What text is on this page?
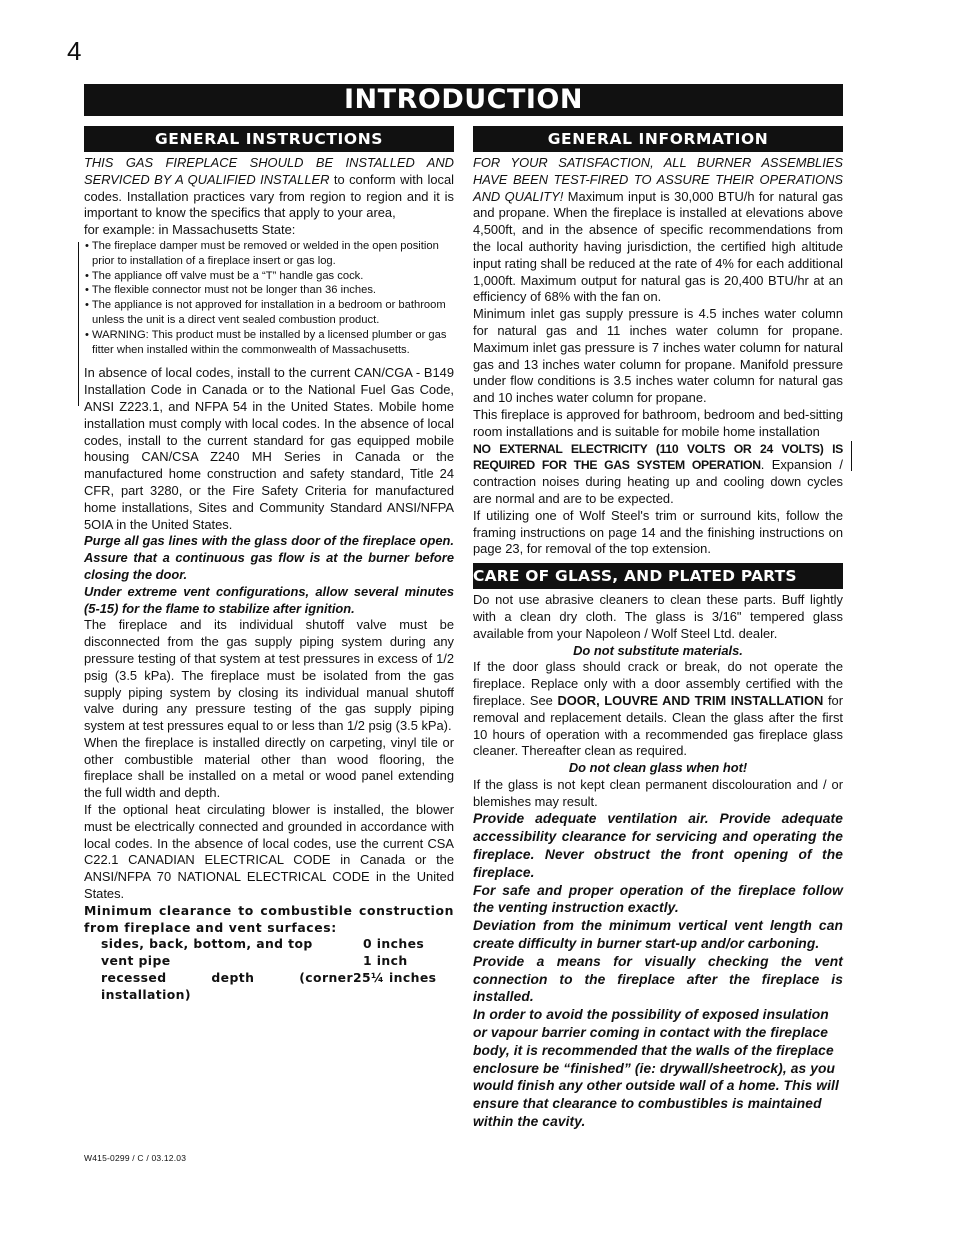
4
INTRODUCTION
GENERAL INSTRUCTIONS

THIS GAS FIREPLACE SHOULD BE INSTALLED AND SERVICED BY A QUALIFIED INSTALLER to conform with local codes. Installation practices vary from region to region and it is important to know the specifics that apply to your area,

for example: in Massachusetts State:

• The fireplace damper must be removed or welded in the open position prior to installation of a fireplace insert or gas log.
• The appliance off valve must be a “T” handle gas cock.
• The flexible connector must not be longer than 36 inches.
• The appliance is not approved for installation in a bedroom or bathroom unless the unit is a direct vent sealed combustion product.
• WARNING: This product must be installed by a licensed plumber or gas fitter when installed within the commonwealth of Massachusetts.

In absence of local codes, install to the current CAN/CGA - B149 Installation Code in Canada or to the National Fuel Gas Code, ANSI Z223.1, and NFPA 54 in the United States. Mobile home installation must comply with local codes. In the absence of local codes, install to the current standard for gas equipped mobile housing CAN/CSA Z240 MH Series in Canada or the manufactured home construction and safety standard, Title 24 CFR, part 3280, or the Fire Safety Criteria for manufactured home installations, Sites and Community Standard ANSI/NFPA 5OIA in the United States.

Purge all gas lines with the glass door of the fireplace open. Assure that a continuous gas flow is at the burner before closing the door.

Under extreme vent configurations, allow several minutes (5-15) for the flame to stabilize after ignition.

The fireplace and its individual shutoff valve must be disconnected from the gas supply piping system during any pressure testing of that system at test pressures in excess of 1/2 psig (3.5 kPa). The fireplace must be isolated from the gas supply piping system by closing its individual manual shutoff valve during any pressure testing of the gas supply piping system at test pressures equal to or less than 1/2 psig (3.5 kPa).

When the fireplace is installed directly on carpeting, vinyl tile or other combustible material other than wood flooring, the fireplace shall be installed on a metal or wood panel extending the full width and depth.

If the optional heat circulating blower is installed, the blower must be electrically connected and grounded in accordance with local codes. In the absence of local codes, use the current CSA C22.1 CANADIAN ELECTRICAL CODE in Canada or the ANSI/NFPA 70 NATIONAL ELECTRICAL CODE in the United States.

Minimum clearance to combustible construction from fireplace and vent surfaces:

sides, back, bottom, and top	0 inches
vent pipe	1 inch
recessed depth (corner installation)
25¼ inches
GENERAL INFORMATION

FOR YOUR SATISFACTION, ALL BURNER ASSEMBLIES HAVE BEEN TEST-FIRED TO ASSURE THEIR OPERATIONS AND QUALITY! Maximum input is 30,000 BTU/h for natural gas and propane. When the fireplace is installed at elevations above 4,500ft, and in the absence of specific recommendations from the local authority having jurisdiction, the certified high altitude input rating shall be reduced at the rate of 4% for each additional 1,000ft. Maximum output for natural gas is 20,400 BTU/hr at an efficiency of 68% with the fan on.

Minimum inlet gas supply pressure is 4.5 inches water column for natural gas and 11 inches water column for propane. Maximum inlet gas pressure is 7 inches water column for natural gas and 13 inches water column for propane. Manifold pressure under flow conditions is 3.5 inches water column for natural gas and 10 inches water column for propane.

This fireplace is approved for bathroom, bedroom and bed-sitting room installations and is suitable for mobile home installation

NO EXTERNAL ELECTRICITY (110 VOLTS OR 24 VOLTS) IS REQUIRED FOR THE GAS SYSTEM OPERATION. Expansion / contraction noises during heating up and cooling down cycles are normal and are to be expected.

If utilizing one of Wolf Steel's trim or surround kits, follow the framing instructions on page 14 and the finishing instructions on page 23, for removal of the top extension.

CARE OF GLASS, AND PLATED PARTS

Do not use abrasive cleaners to clean these parts. Buff lightly with a clean dry cloth. The glass is 3/16" tempered glass available from your Napoleon / Wolf Steel Ltd. dealer.

Do not substitute materials.

If the door glass should crack or break, do not operate the fireplace. Replace only with a door assembly certified with the fireplace. See DOOR, LOUVRE AND TRIM INSTALLATION for removal and replacement details. Clean the glass after the first 10 hours of operation with a recommended gas fireplace glass cleaner. Thereafter clean as required.

Do not clean glass when hot!

If the glass is not kept clean permanent discolouration and / or blemishes may result.

Provide adequate ventilation air. Provide adequate accessibility clearance for servicing and operating the fireplace. Never obstruct the front opening of the fireplace.

For safe and proper operation of the fireplace follow the venting instruction exactly.

Deviation from the minimum vertical vent length can create difficulty in burner start-up and/or carboning.

Provide a means for visually checking the vent connection to the fireplace after the fireplace is installed.

In order to avoid the possibility of exposed insulation or vapour barrier coming in contact with the fireplace body, it is recommended that the walls of the fireplace enclosure be “finished” (ie: drywall/sheetrock), as you would finish any other outside wall of a home. This will ensure that clearance to combustibles is maintained within the cavity.

W415-0299 / C / 03.12.03
